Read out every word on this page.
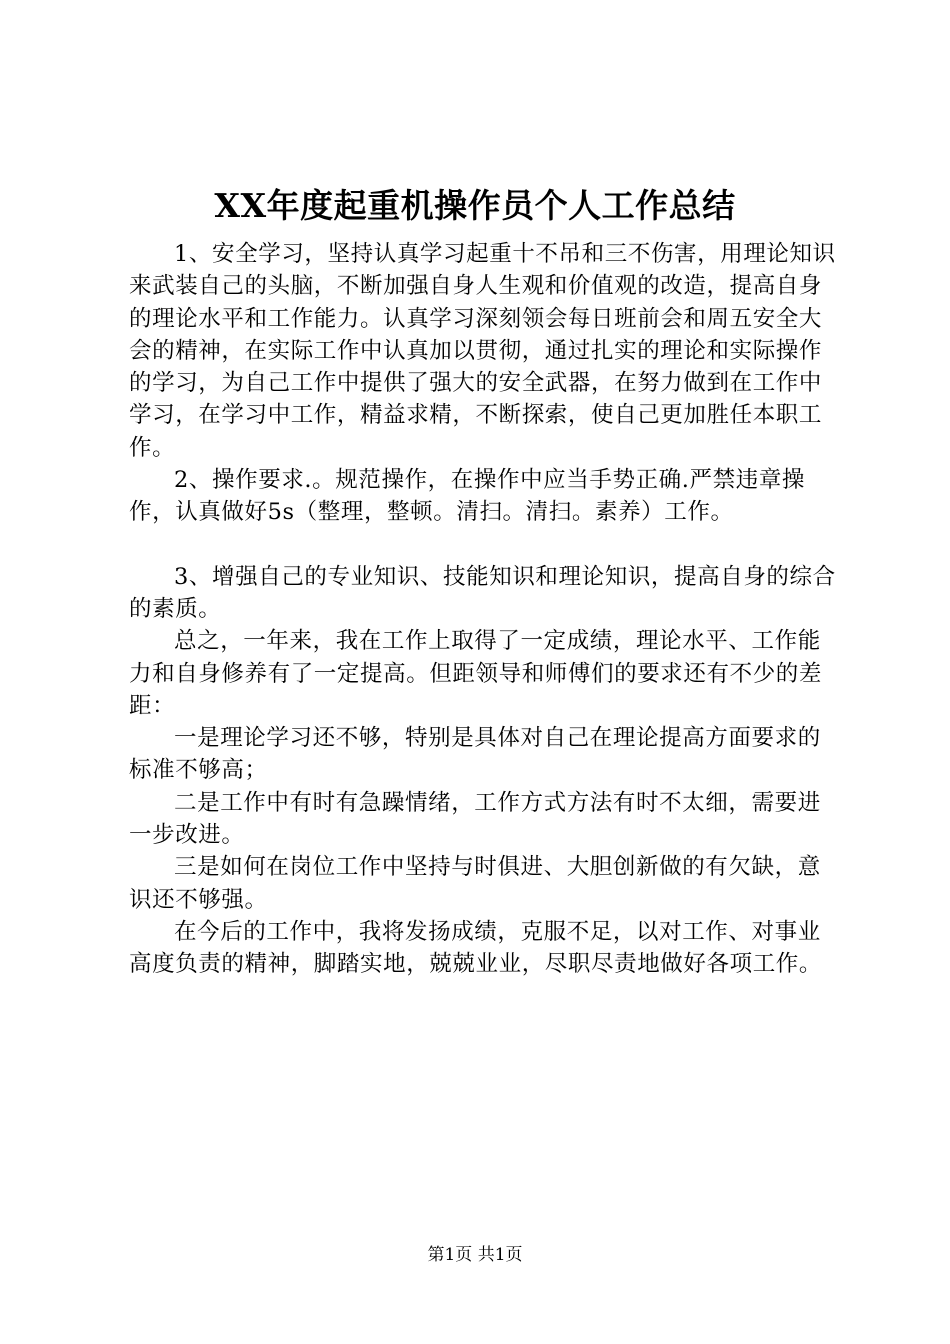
XX年度起重机操作员个人工作总结

1、安全学习，坚持认真学习起重十不吊和三不伤害，用理论知识来武装自己的头脑，不断加强自身人生观和价值观的改造，提高自身的理论水平和工作能力。认真学习深刻领会每日班前会和周五安全大会的精神，在实际工作中认真加以贯彻，通过扎实的理论和实际操作的学习，为自己工作中提供了强大的安全武器，在努力做到在工作中学习，在学习中工作，精益求精，不断探索，使自己更加胜任本职工作。

2、操作要求.。规范操作，在操作中应当手势正确.严禁违章操作，认真做好5s（整理，整顿。清扫。清扫。素养）工作。

3、增强自己的专业知识、技能知识和理论知识，提高自身的综合的素质。

总之，一年来，我在工作上取得了一定成绩，理论水平、工作能力和自身修养有了一定提高。但距领导和师傅们的要求还有不少的差距：

一是理论学习还不够，特别是具体对自己在理论提高方面要求的标准不够高；

二是工作中有时有急躁情绪，工作方式方法有时不太细，需要进一步改进。

三是如何在岗位工作中坚持与时俱进、大胆创新做的有欠缺，意识还不够强。

在今后的工作中，我将发扬成绩，克服不足，以对工作、对事业高度负责的精神，脚踏实地，兢兢业业，尽职尽责地做好各项工作。

第1页 共1页
